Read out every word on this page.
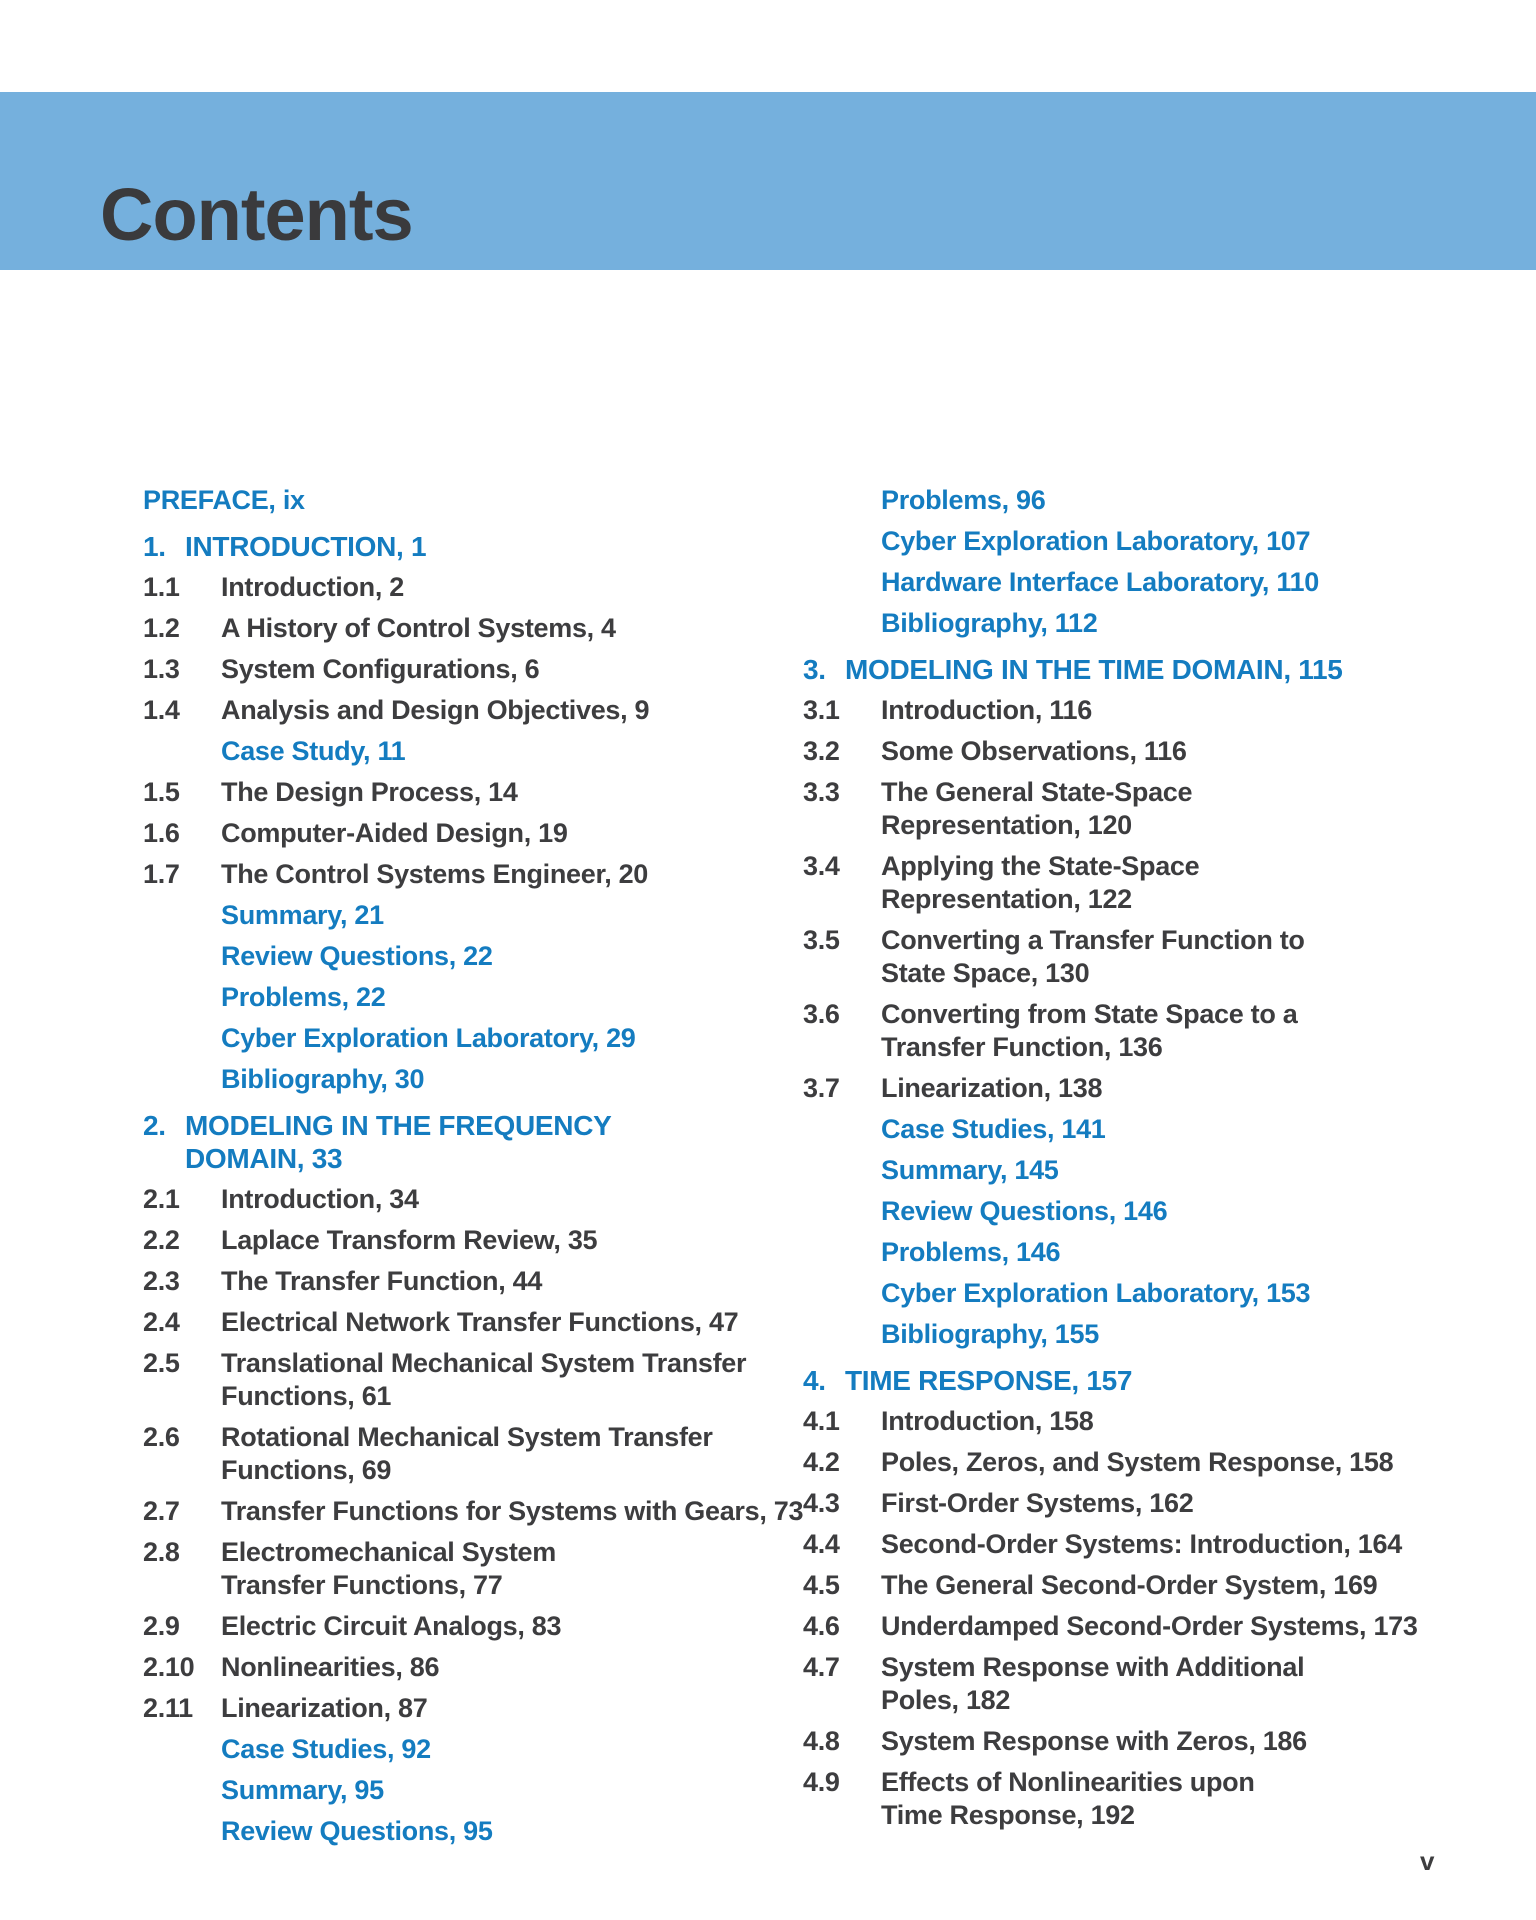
Contents
PREFACE, ix
1. INTRODUCTION, 1
1.1	Introduction, 2
1.2	A History of Control Systems, 4
1.3	System Configurations, 6
1.4	Analysis and Design Objectives, 9
Case Study, 11
1.5	The Design Process, 14
1.6	Computer-Aided Design, 19
1.7	The Control Systems Engineer, 20
Summary, 21
Review Questions, 22
Problems, 22
Cyber Exploration Laboratory, 29
Bibliography, 30
2. MODELING IN THE FREQUENCY
DOMAIN, 33
2.1	Introduction, 34
2.2	Laplace Transform Review, 35
2.3	The Transfer Function, 44
2.4	Electrical Network Transfer Functions, 47
2.5	Translational Mechanical System Transfer
Functions, 61
2.6	Rotational Mechanical System Transfer
Functions, 69
2.7	Transfer Functions for Systems with Gears, 73
2.8	Electromechanical System
Transfer Functions, 77
2.9	Electric Circuit Analogs, 83
2.10 Nonlinearities, 86
2.11	Linearization, 87
Case Studies, 92
Summary, 95
Review Questions, 95
Problems, 96
Cyber Exploration Laboratory, 107
Hardware Interface Laboratory, 110
Bibliography, 112
3. MODELING IN THE TIME DOMAIN, 115
3.1	Introduction, 116
3.2	Some Observations, 116
3.3	The General State-Space
Representation, 120
3.4	Applying the State-Space
Representation, 122
3.5	Converting a Transfer Function to
State Space, 130
3.6	Converting from State Space to a
Transfer Function, 136
3.7	Linearization, 138
Case Studies, 141
Summary, 145
Review Questions, 146
Problems, 146
Cyber Exploration Laboratory, 153
Bibliography, 155
4. TIME RESPONSE, 157
4.1	Introduction, 158
4.2	Poles, Zeros, and System Response, 158
4.3	First-Order Systems, 162
4.4	Second-Order Systems: Introduction, 164
4.5	The General Second-Order System, 169
4.6	Underdamped Second-Order Systems, 173
4.7	System Response with Additional
Poles, 182
4.8	System Response with Zeros, 186
4.9	Effects of Nonlinearities upon
Time Response, 192
v
